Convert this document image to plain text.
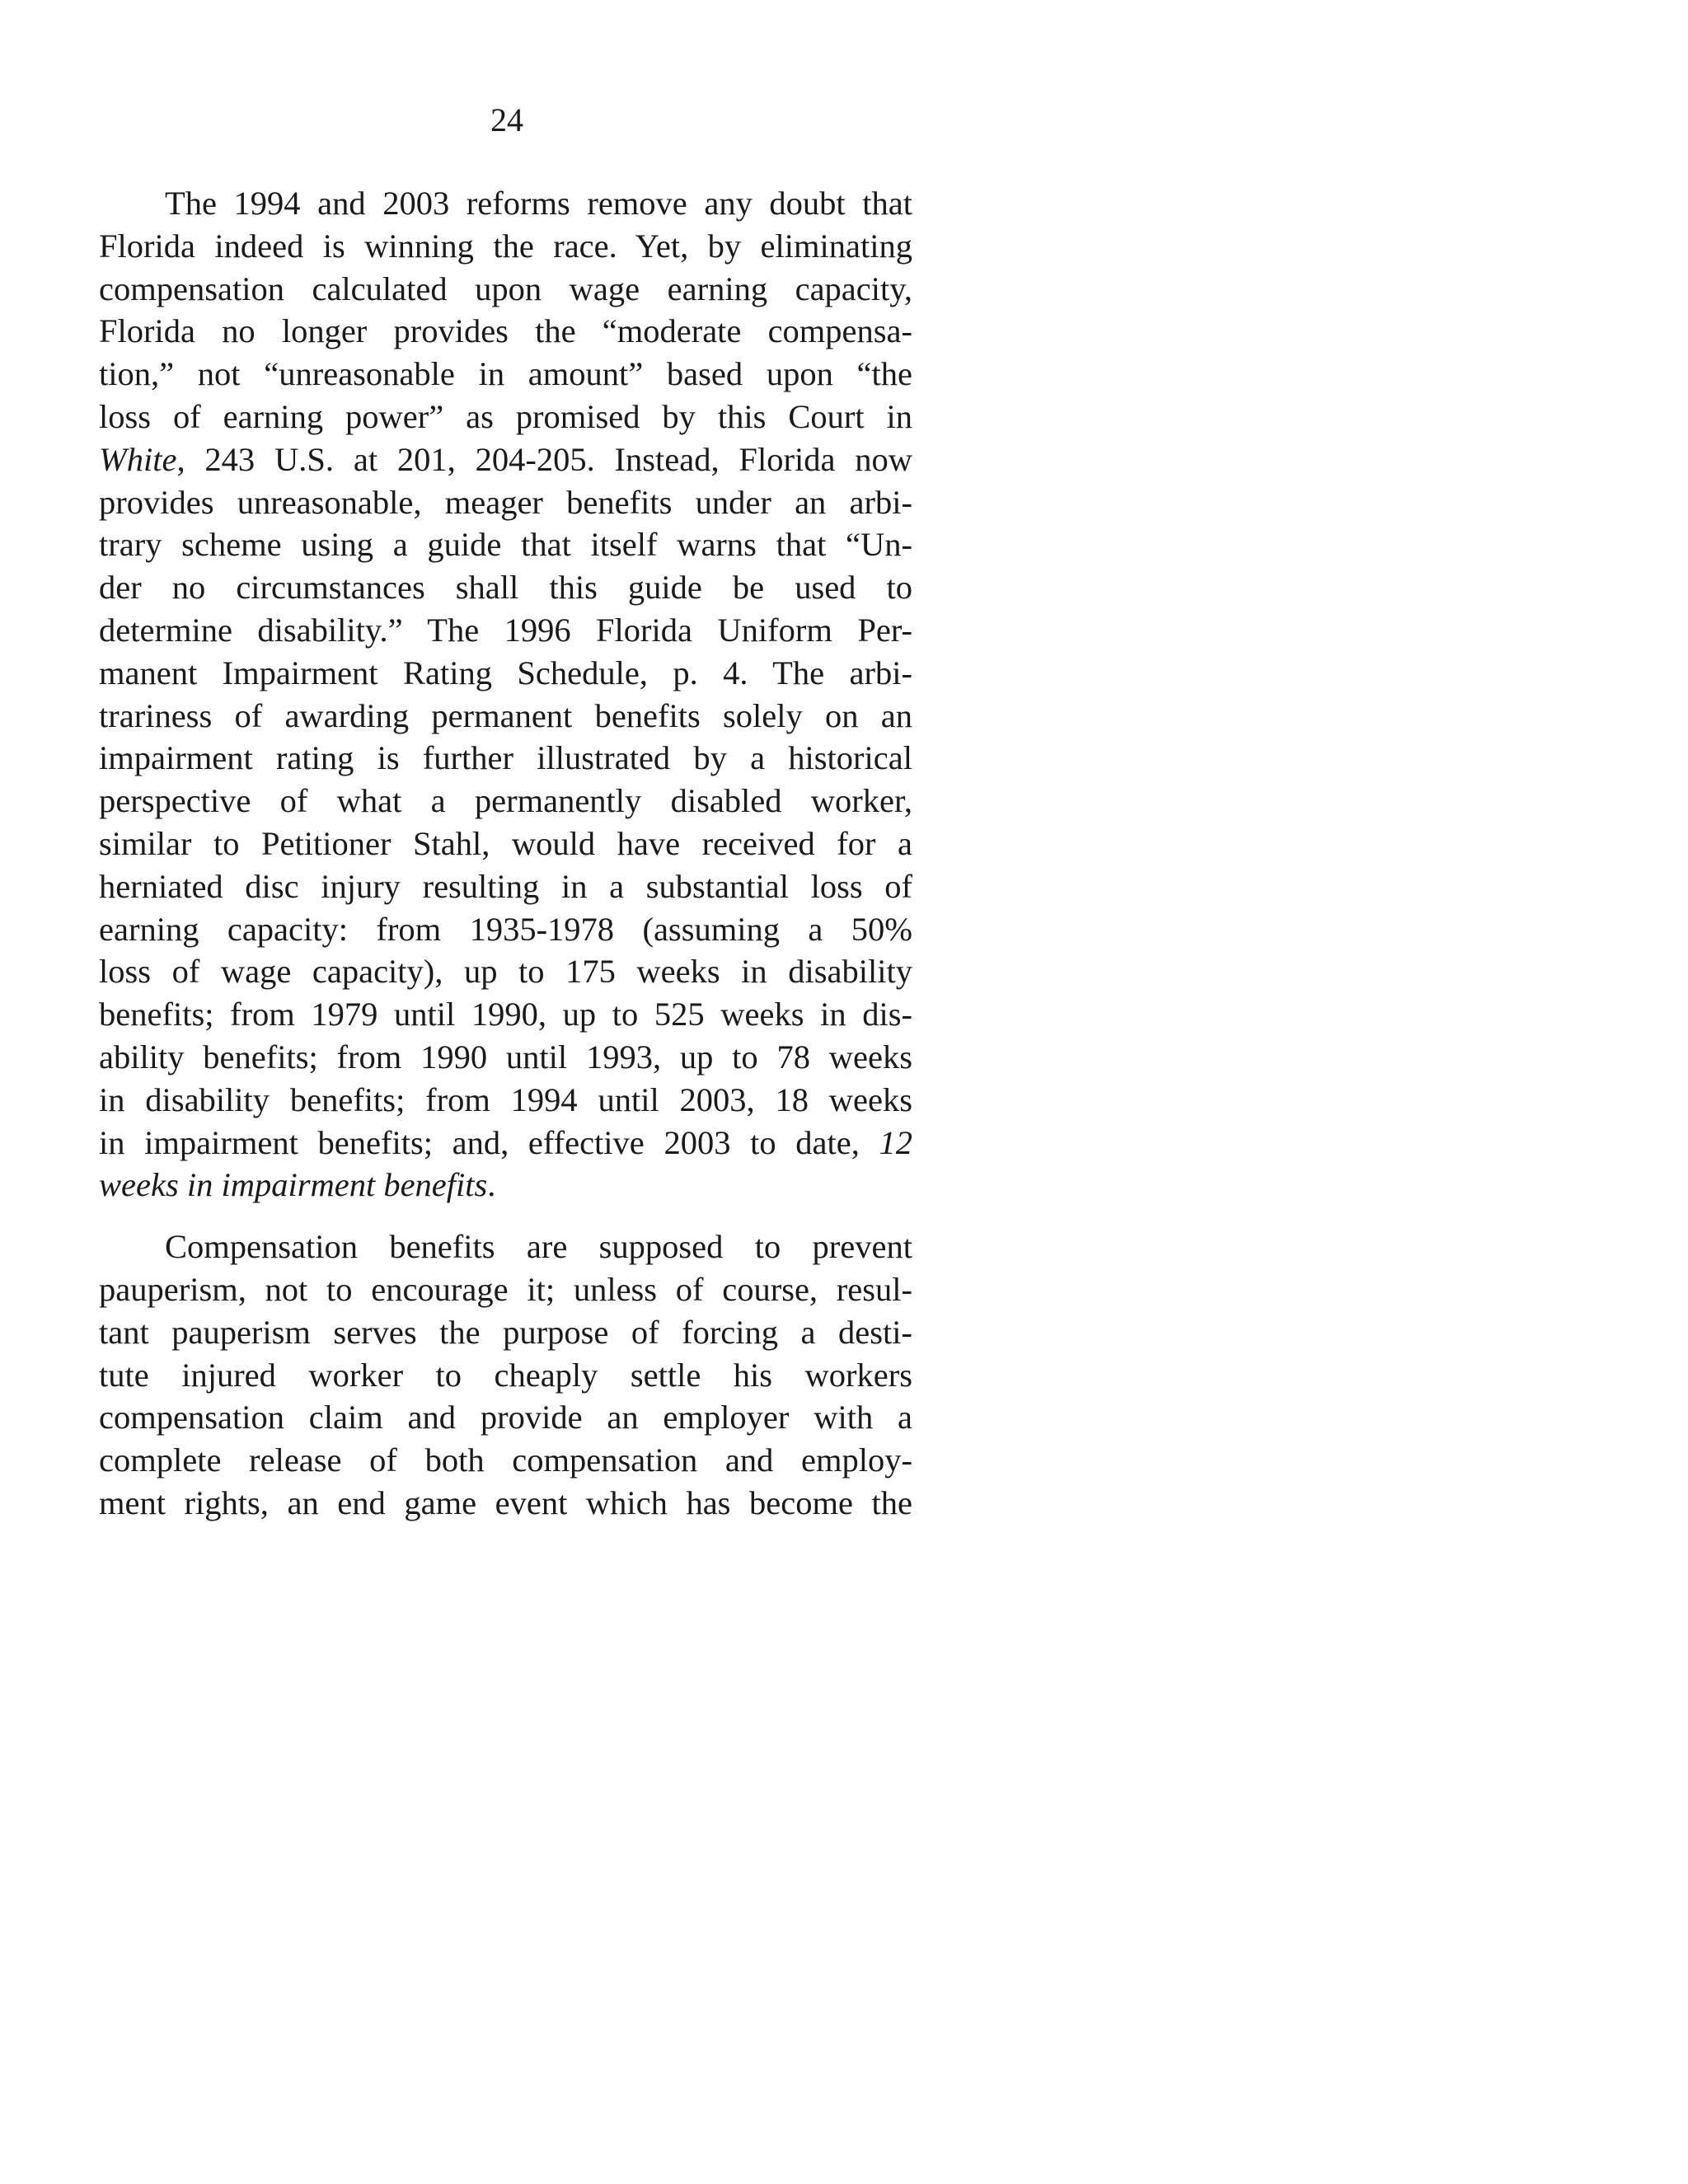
24

The 1994 and 2003 reforms remove any doubt that
Florida indeed is winning the race. Yet, by eliminating
compensation calculated upon wage earning capacity,
Florida no longer provides the “moderate compensa-
tion,” not “unreasonable in amount” based upon “the
loss of earning power” as promised by this Court in
White, 243 U.S. at 201, 204-205. Instead, Florida now
provides unreasonable, meager benefits under an arbi-
trary scheme using a guide that itself warns that “Un-
der no circumstances shall this guide be used to
determine disability.” The 1996 Florida Uniform Per-
manent Impairment Rating Schedule, p. 4. The arbi-
trariness of awarding permanent benefits solely on an
impairment rating is further illustrated by a historical
perspective of what a permanently disabled worker,
similar to Petitioner Stahl, would have received for a
herniated disc injury resulting in a substantial loss of
earning capacity: from 1935-1978 (assuming a 50%
loss of wage capacity), up to 175 weeks in disability
benefits; from 1979 until 1990, up to 525 weeks in dis-
ability benefits; from 1990 until 1993, up to 78 weeks
in disability benefits; from 1994 until 2003, 18 weeks
in impairment benefits; and, effective 2003 to date, 12
weeks in impairment benefits.

Compensation benefits are supposed to prevent
pauperism, not to encourage it; unless of course, resul-
tant pauperism serves the purpose of forcing a desti-
tute injured worker to cheaply settle his workers
compensation claim and provide an employer with a
complete release of both compensation and employ-
ment rights, an end game event which has become the
